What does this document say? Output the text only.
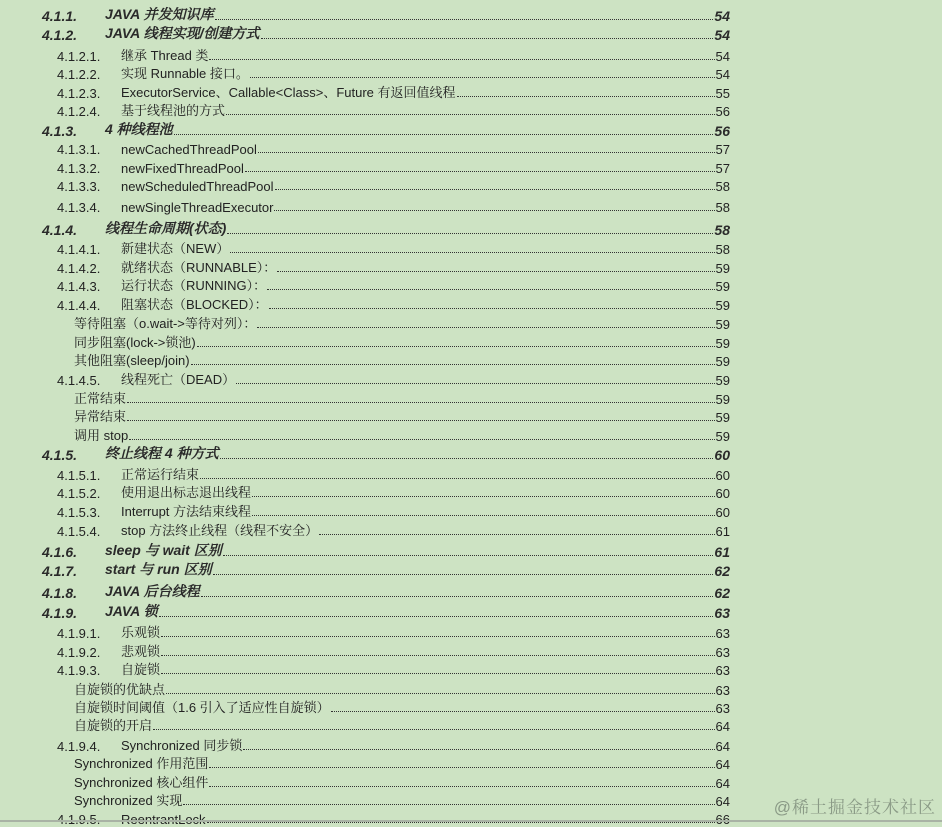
4.1.1.	JAVA 并发知识库	54
4.1.2.	JAVA 线程实现/创建方式	54
4.1.2.1.	继承 Thread 类	54
4.1.2.2.	实现 Runnable 接口。	54
4.1.2.3.	ExecutorService、Callable<Class>、Future 有返回值线程	55
4.1.2.4.	基于线程池的方式	56
4.1.3.	4 种线程池	56
4.1.3.1.	newCachedThreadPool	57
4.1.3.2.	newFixedThreadPool	57
4.1.3.3.	newScheduledThreadPool	58
4.1.3.4.	newSingleThreadExecutor	58
4.1.4.	线程生命周期(状态)	58
4.1.4.1.	新建状态（NEW）	58
4.1.4.2.	就绪状态（RUNNABLE）：	59
4.1.4.3.	运行状态（RUNNING）：	59
4.1.4.4.	阻塞状态（BLOCKED）：	59
等待阻塞（o.wait->等待对列）：	59
同步阻塞(lock->锁池)	59
其他阻塞(sleep/join)	59
4.1.4.5.	线程死亡（DEAD）	59
正常结束	59
异常结束	59
调用 stop	59
4.1.5.	终止线程 4 种方式	60
4.1.5.1.	正常运行结束	60
4.1.5.2.	使用退出标志退出线程	60
4.1.5.3.	Interrupt 方法结束线程	60
4.1.5.4.	stop 方法终止线程（线程不安全）	61
4.1.6.	sleep 与 wait 区别	61
4.1.7.	start 与 run 区别	62
4.1.8.	JAVA 后台线程	62
4.1.9.	JAVA 锁	63
4.1.9.1.	乐观锁	63
4.1.9.2.	悲观锁	63
4.1.9.3.	自旋锁	63
自旋锁的优缺点	63
自旋锁时间阈值（1.6 引入了适应性自旋锁）	63
自旋锁的开启	64
4.1.9.4.	Synchronized 同步锁	64
Synchronized 作用范围	64
Synchronized 核心组件	64
Synchronized 实现	64	@稀土掘金技术社区
